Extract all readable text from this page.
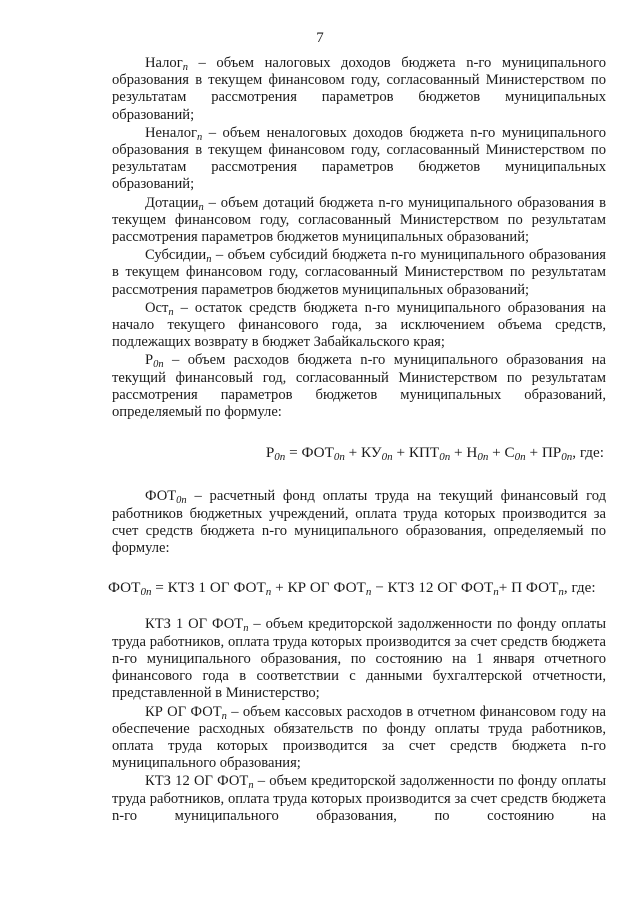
7

Налог$_n$ – объем налоговых доходов бюджета n-го муниципального образования в текущем финансовом году, согласованный Министерством по результатам рассмотрения параметров бюджетов муниципальных образований;

Неналог$_n$ – объем неналоговых доходов бюджета n-го муниципального образования в текущем финансовом году, согласованный Министерством по результатам рассмотрения параметров бюджетов муниципальных образований;

Дотации$_n$ – объем дотаций бюджета n-го муниципального образования в текущем финансовом году, согласованный Министерством по результатам рассмотрения параметров бюджетов муниципальных образований;

Субсидии$_n$ – объем субсидий бюджета n-го муниципального образования в текущем финансовом году, согласованный Министерством по результатам рассмотрения параметров бюджетов муниципальных образований;

Ост$_n$ – остаток средств бюджета n-го муниципального образования на начало текущего финансового года, за исключением объема средств, подлежащих возврату в бюджет Забайкальского края;

$Р_{0n}$ – объем расходов бюджета n-го муниципального образования на текущий финансовый год, согласованный Министерством по результатам рассмотрения параметров бюджетов муниципальных образований, определяемый по формуле:

$Р_{0n} = ФОТ_{0n} + КУ_{0n} + КПТ_{0n} + Н_{0n} + С_{0n} + ПР_{0n}$, где:

$ФОТ_{0n}$ – расчетный фонд оплаты труда на текущий финансовый год работников бюджетных учреждений, оплата труда которых производится за счет средств бюджета n-го муниципального образования, определяемый по формуле:

$ФОТ_{0n}$ = КТЗ 1 ОГ $ФОТ_n$ + КР ОГ $ФОТ_n$ − КТЗ 12 ОГ $ФОТ_n+ П$ $ФОТ_n$, где:

КТЗ 1 ОГ $ФОТ_n$ – объем кредиторской задолженности по фонду оплаты труда работников, оплата труда которых производится за счет средств бюджета n-го муниципального образования, по состоянию на 1 января отчетного финансового года в соответствии с данными бухгалтерской отчетности, представленной в Министерство;

КР ОГ $ФОТ_n$ – объем кассовых расходов в отчетном финансовом году на обеспечение расходных обязательств по фонду оплаты труда работников, оплата труда которых производится за счет средств бюджета n-го муниципального образования;

КТЗ 12 ОГ $ФОТ_n$ – объем кредиторской задолженности по фонду оплаты труда работников, оплата труда которых производится за счет средств бюджета n-го муниципального образования, по состоянию на
